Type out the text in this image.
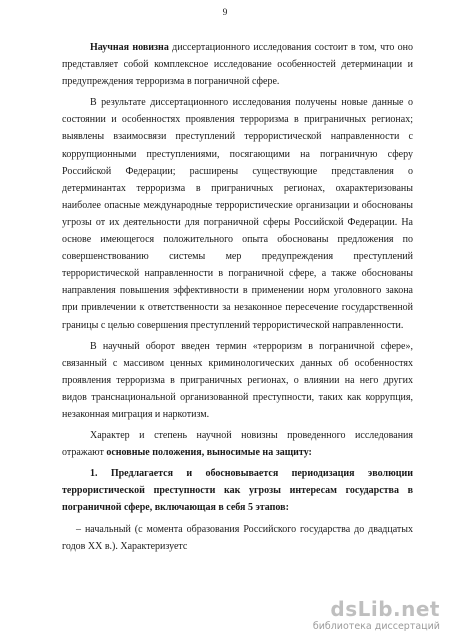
9

Научная новизна диссертационного исследования состоит в том, что оно представляет собой комплексное исследование особенностей детерминации и предупреждения терроризма в пограничной сфере.

В результате диссертационного исследования получены новые данные о состоянии и особенностях проявления терроризма в приграничных регионах; выявлены взаимосвязи преступлений террористической направленности с коррупционными преступлениями, посягающими на пограничную сферу Российской Федерации; расширены существующие представления о детерминантах терроризма в приграничных регионах, охарактеризованы наиболее опасные международные террористические организации и обоснованы угрозы от их деятельности для пограничной сферы Российской Федерации. На основе имеющегося положительного опыта обоснованы предложения по совершенствованию системы мер предупреждения преступлений террористической направленности в пограничной сфере, а также обоснованы направления повышения эффективности в применении норм уголовного закона при привлечении к ответственности за незаконное пересечение государственной границы с целью совершения преступлений террористической направленности.

В научный оборот введен термин «терроризм в пограничной сфере», связанный с массивом ценных криминологических данных об особенностях проявления терроризма в приграничных регионах, о влиянии на него других видов транснациональной организованной преступности, таких как коррупция, незаконная миграция и наркотизм.

Характер и степень научной новизны проведенного исследования отражают основные положения, выносимые на защиту:

1. Предлагается и обосновывается периодизация эволюции террористической преступности как угрозы интересам государства в пограничной сфере, включающая в себя 5 этапов:

– начальный (с момента образования Российского государства до двадцатых годов XX в.). Характеризуетс

dsLib.net
библиотека диссертаций
